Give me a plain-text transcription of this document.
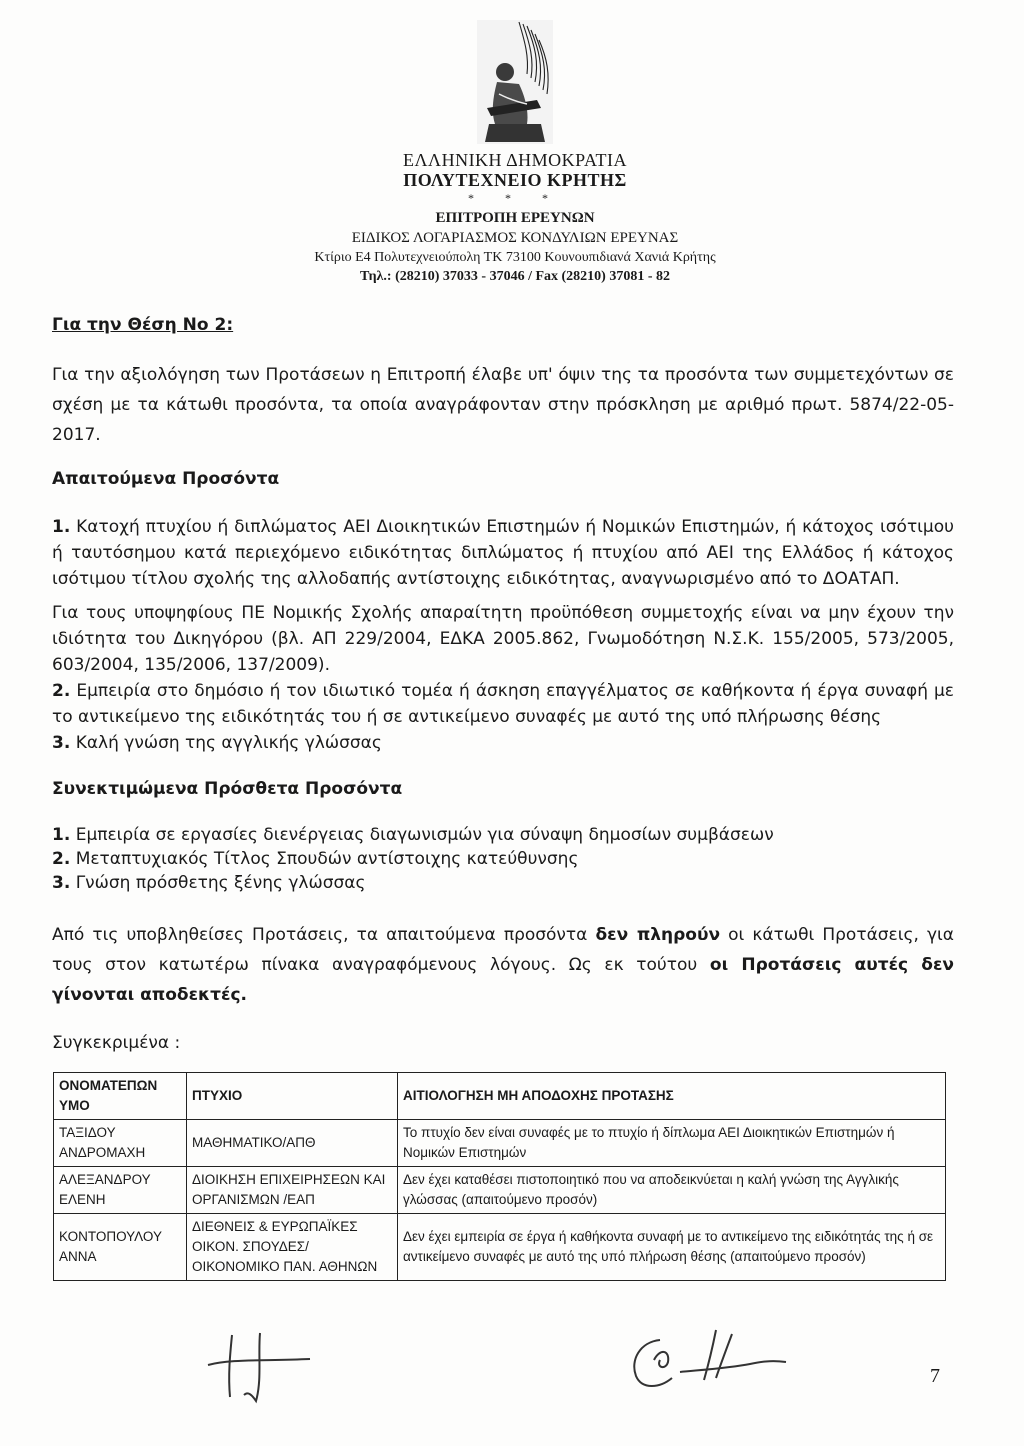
ΕΛΛΗΝΙΚΗ ΔΗΜΟΚΡΑΤΙΑ
ΠΟΛΥΤΕΧΝΕΙΟ ΚΡΗΤΗΣ
* * *
ΕΠΙΤΡΟΠΗ ΕΡΕΥΝΩΝ
ΕΙΔΙΚΟΣ ΛΟΓΑΡΙΑΣΜΟΣ ΚΟΝΔΥΛΙΩΝ ΕΡΕΥΝΑΣ
Κτίριο Ε4 Πολυτεχνειούπολη ΤΚ 73100 Κουνουπιδιανά Χανιά Κρήτης
Τηλ.: (28210) 37033 - 37046 / Fax (28210) 37081 - 82
Για την Θέση Νο 2:
Για την αξιολόγηση των Προτάσεων η Επιτροπή έλαβε υπ' όψιν της τα προσόντα των συμμετεχόντων σε σχέση με τα κάτωθι προσόντα, τα οποία αναγράφονταν στην πρόσκληση με αριθμό πρωτ. 5874/22-05-2017.
Απαιτούμενα Προσόντα
1. Κατοχή πτυχίου ή διπλώματος ΑΕΙ Διοικητικών Επιστημών ή Νομικών Επιστημών, ή κάτοχος ισότιμου ή ταυτόσημου κατά περιεχόμενο ειδικότητας διπλώματος ή πτυχίου από ΑΕΙ της Ελλάδος ή κάτοχος ισότιμου τίτλου σχολής της αλλοδαπής αντίστοιχης ειδικότητας, αναγνωρισμένο από το ΔΟΑΤΑΠ.
Για τους υποψηφίους ΠΕ Νομικής Σχολής απαραίτητη προϋπόθεση συμμετοχής είναι να μην έχουν την ιδιότητα του Δικηγόρου (βλ. ΑΠ 229/2004, ΕΔΚΑ 2005.862, Γνωμοδότηση Ν.Σ.Κ. 155/2005, 573/2005, 603/2004, 135/2006, 137/2009).
2. Εμπειρία στο δημόσιο ή τον ιδιωτικό τομέα ή άσκηση επαγγέλματος σε καθήκοντα ή έργα συναφή με το αντικείμενο της ειδικότητάς του ή σε αντικείμενο συναφές με αυτό της υπό πλήρωσης θέσης
3. Καλή γνώση της αγγλικής γλώσσας
Συνεκτιμώμενα Πρόσθετα Προσόντα
1. Εμπειρία σε εργασίες διενέργειας διαγωνισμών για σύναψη δημοσίων συμβάσεων
2. Μεταπτυχιακός Τίτλος Σπουδών αντίστοιχης κατεύθυνσης
3. Γνώση πρόσθετης ξένης γλώσσας
Από τις υποβληθείσες Προτάσεις, τα απαιτούμενα προσόντα δεν πληρούν οι κάτωθι Προτάσεις, για τους στον κατωτέρω πίνακα αναγραφόμενους λόγους. Ως εκ τούτου οι Προτάσεις αυτές δεν γίνονται αποδεκτές.
Συγκεκριμένα :
ΟΝΟΜΑΤΕΠΩΝ ΥΜΟ	ΠΤΥΧΙΟ	ΑΙΤΙΟΛΟΓΗΣΗ ΜΗ ΑΠΟΔΟΧΗΣ ΠΡΟΤΑΣΗΣ
ΤΑΞΙΔΟΥ ΑΝΔΡΟΜΑΧΗ	ΜΑΘΗΜΑΤΙΚΟ/ΑΠΘ	Το πτυχίο δεν είναι συναφές με το πτυχίο ή δίπλωμα ΑΕΙ Διοικητικών Επιστημών ή Νομικών Επιστημών
ΑΛΕΞΑΝΔΡΟΥ ΕΛΕΝΗ	ΔΙΟΙΚΗΣΗ ΕΠΙΧΕΙΡΗΣΕΩΝ ΚΑΙ ΟΡΓΑΝΙΣΜΩΝ /ΕΑΠ	Δεν έχει καταθέσει πιστοποιητικό που να αποδεικνύεται η καλή γνώση της Αγγλικής γλώσσας (απαιτούμενο προσόν)
ΚΟΝΤΟΠΟΥΛΟΥ ΑΝΝΑ	ΔΙΕΘΝΕΙΣ & ΕΥΡΩΠΑΪΚΕΣ ΟΙΚΟΝ. ΣΠΟΥΔΕΣ/ ΟΙΚΟΝΟΜΙΚΟ ΠΑΝ. ΑΘΗΝΩΝ	Δεν έχει εμπειρία σε έργα ή καθήκοντα συναφή με το αντικείμενο της ειδικότητάς της ή σε αντικείμενο συναφές με αυτό της υπό πλήρωση θέσης (απαιτούμενο προσόν)
7
